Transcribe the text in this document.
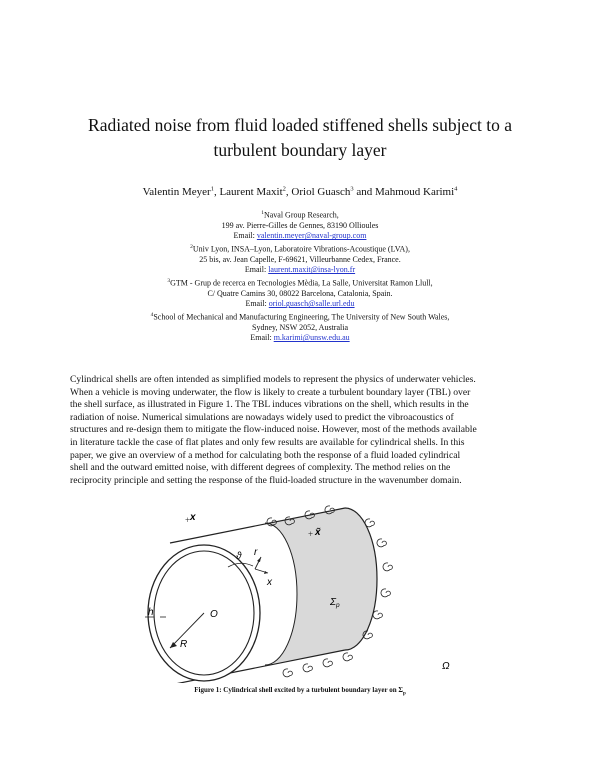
Radiated noise from fluid loaded stiffened shells subject to a
turbulent boundary layer
Valentin Meyer$^1$, Laurent Maxit$^2$, Oriol Guasch$^3$ and Mahmoud Karimi$^4$
$^1$Naval Group Research,
199 av. Pierre-Gilles de Gennes, 83190 Ollioules
Email: valentin.meyer@naval-group.com
$^2$Univ Lyon, INSA–Lyon, Laboratoire Vibrations-Acoustique (LVA),
25 bis, av. Jean Capelle, F-69621, Villeurbanne Cedex, France.
Email: laurent.maxit@insa-lyon.fr
$^3$GTM - Grup de recerca en Tecnologies Mèdia, La Salle, Universitat Ramon Llull,
C/ Quatre Camins 30, 08022 Barcelona, Catalonia, Spain.
Email: oriol.guasch@salle.url.edu
$^4$School of Mechanical and Manufacturing Engineering, The University of New South Wales,
Sydney, NSW 2052, Australia
Email: m.karimi@unsw.edu.au
Cylindrical shells are often intended as simplified models to represent the physics of underwater vehicles.
When a vehicle is moving underwater, the flow is likely to create a turbulent boundary layer (TBL) over
the shell surface, as illustrated in Figure 1. The TBL induces vibrations on the shell, which results in the
radiation of noise. Numerical simulations are nowadays widely used to predict the vibroacoustics of
structures and re-design them to mitigate the flow-induced noise. However, most of the methods available
in literature tackle the case of flat plates and only few results are available for cylindrical shells. In this
paper, we give an overview of a method for calculating both the response of a fluid loaded cylindrical
shell and the outward emitted noise, with different degrees of complexity. The method relies on the
reciprocity principle and setting the response of the fluid-loaded structure in the wavenumber domain.
+
+
x
x̃
ϑ r
x
h	O
R
$\Sigma_p$
Ω
Figure 1: Cylindrical shell excited by a turbulent boundary layer on $\Sigma_p$
